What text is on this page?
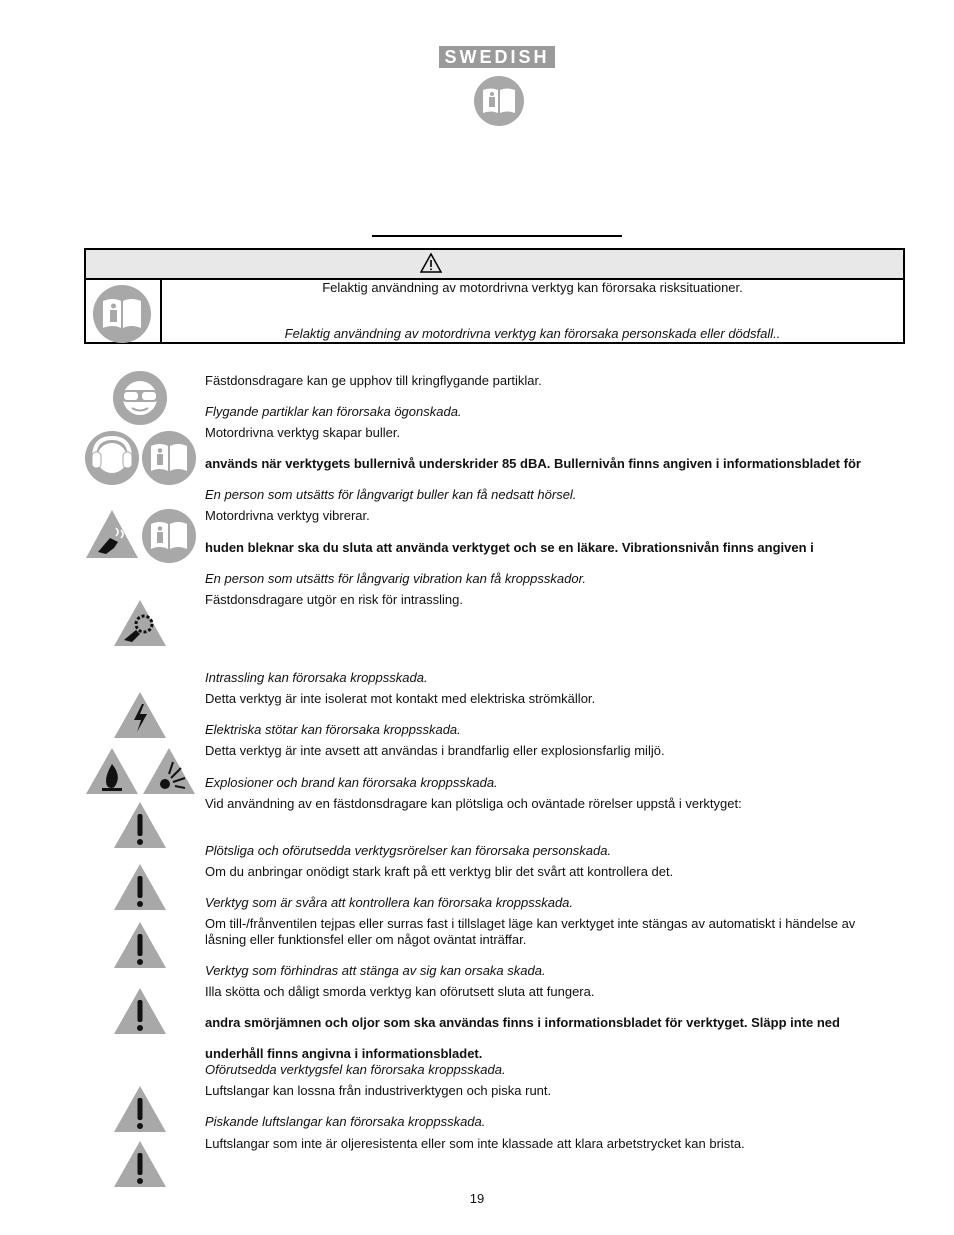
SWEDISH
Felaktig användning av motordrivna verktyg kan förorsaka risksituationer.
Felaktig användning av motordrivna verktyg kan förorsaka personskada eller dödsfall..
Fästdonsdragare kan ge upphov till kringflygande partiklar.
Flygande partiklar kan förorsaka ögonskada.
Motordrivna verktyg skapar buller.
används när verktygets bullernivå underskrider 85 dBA. Bullernivån finns angiven i informationsbladet för
En person som utsätts för långvarigt buller kan få nedsatt hörsel.
Motordrivna verktyg vibrerar.
huden bleknar ska du sluta att använda verktyget och se en läkare. Vibrationsnivån finns angiven i
En person som utsätts för långvarig vibration kan få kroppsskador.
Fästdonsdragare utgör en risk för intrassling.
Intrassling kan förorsaka kroppsskada.
Detta verktyg är inte isolerat mot kontakt med elektriska strömkällor.
Elektriska stötar kan förorsaka kroppsskada.
Detta verktyg är inte avsett att användas i brandfarlig eller explosionsfarlig miljö.
Explosioner och brand kan förorsaka kroppsskada.
Vid användning av en fästdonsdragare kan plötsliga och oväntade rörelser uppstå i verktyget:
Plötsliga och oförutsedda verktygsrörelser kan förorsaka personskada.
Om du anbringar onödigt stark kraft på ett verktyg blir det svårt att kontrollera det.
Verktyg som är svåra att kontrollera kan förorsaka kroppsskada.
Om till-/frånventilen tejpas eller surras fast i tillslaget läge kan verktyget inte stängas av automatiskt i händelse av låsning eller funktionsfel eller om något oväntat inträffar.
Verktyg som förhindras att stänga av sig kan orsaka skada.
Illa skötta och dåligt smorda verktyg kan oförutsett sluta att fungera.
andra smörjämnen och oljor som ska användas finns i informationsbladet för verktyget. Släpp inte ned
underhåll finns angivna i informationsbladet.
Oförutsedda verktygsfel kan förorsaka kroppsskada.
Luftslangar kan lossna från industriverktygen och piska runt.
Piskande luftslangar kan förorsaka kroppsskada.
Luftslangar som inte är oljeresistenta eller som inte klassade att klara arbetstrycket kan brista.
19
